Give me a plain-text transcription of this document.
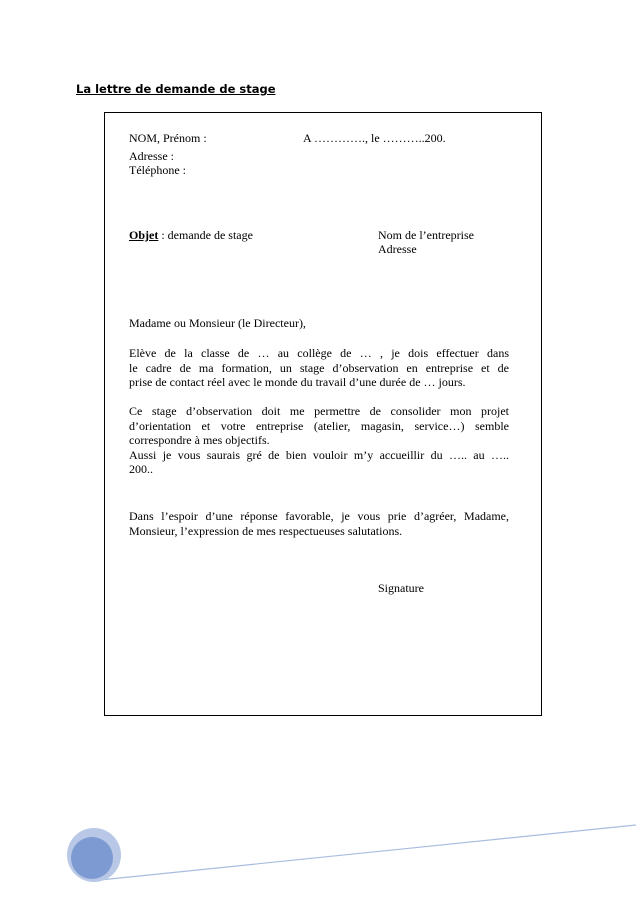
La lettre de demande de stage

NOM, Prénom :	A …………., le ………..200.

Adresse :

Téléphone :

Objet : demande de stage	Nom de l’entreprise

Adresse

Madame ou Monsieur (le Directeur),

Elève de la classe de … au collège de … , je dois effectuer dans
le cadre de ma formation, un stage d’observation en entreprise et de
prise de contact réel avec le monde du travail d’une durée de … jours.
Ce stage d’observation doit me permettre de consolider mon projet
d’orientation et votre entreprise (atelier, magasin, service…) semble
correspondre à mes objectifs.
Aussi je vous saurais gré de bien vouloir m’y accueillir du ….. au …..
200..
Dans l’espoir d’une réponse favorable, je vous prie d’agréer, Madame,
Monsieur, l’expression de mes respectueuses salutations.

Signature
